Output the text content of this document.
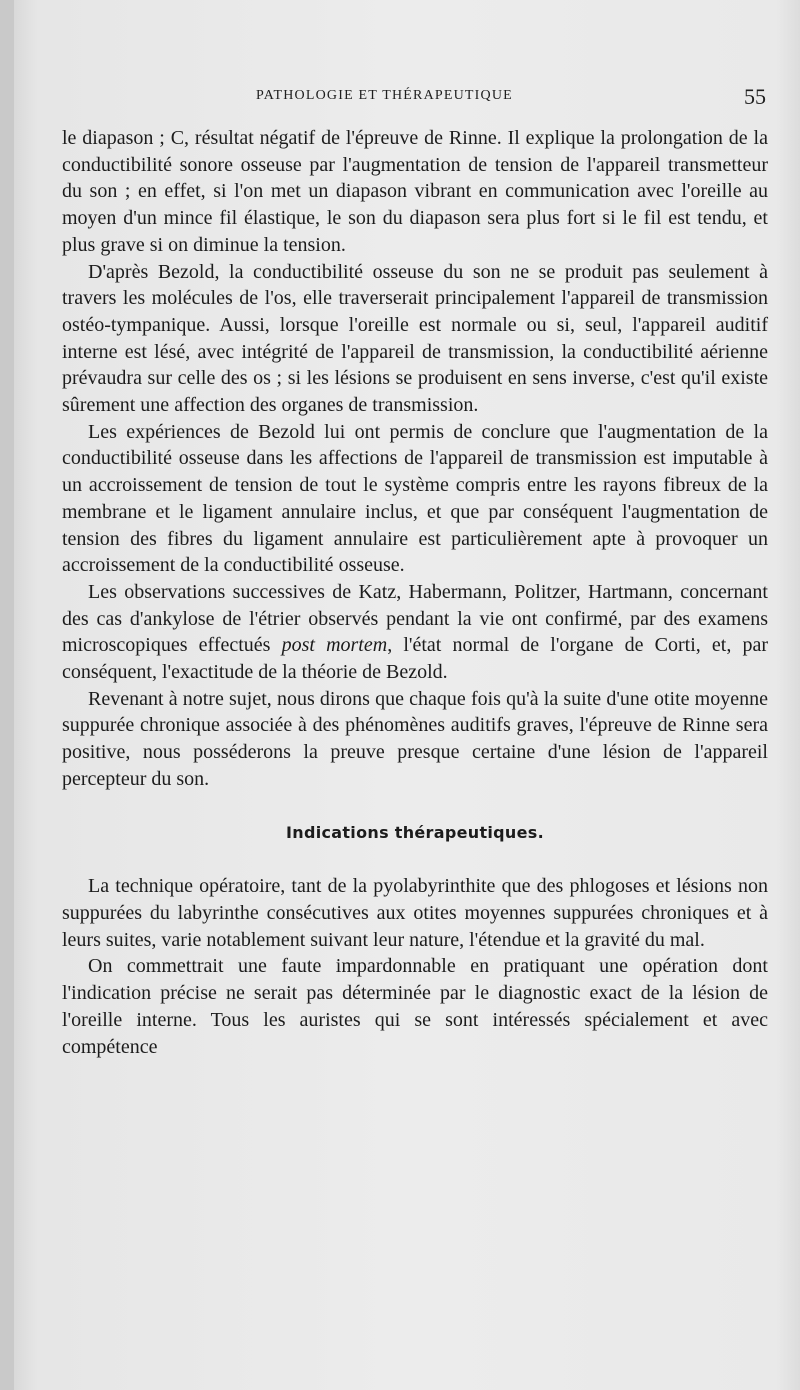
PATHOLOGIE ET THÉRAPEUTIQUE	55

le diapason ; C, résultat négatif de l'épreuve de Rinne. Il explique la prolongation de la conductibilité sonore osseuse par l'augmentation de tension de l'appareil transmetteur du son ; en effet, si l'on met un diapason vibrant en communication avec l'oreille au moyen d'un mince fil élastique, le son du diapason sera plus fort si le fil est tendu, et plus grave si on diminue la tension.

D'après Bezold, la conductibilité osseuse du son ne se produit pas seulement à travers les molécules de l'os, elle traverserait principalement l'appareil de transmission ostéo-tympanique. Aussi, lorsque l'oreille est normale ou si, seul, l'appareil auditif interne est lésé, avec intégrité de l'appareil de transmission, la conductibilité aérienne prévaudra sur celle des os ; si les lésions se produisent en sens inverse, c'est qu'il existe sûrement une affection des organes de transmission.

Les expériences de Bezold lui ont permis de conclure que l'augmentation de la conductibilité osseuse dans les affections de l'appareil de transmission est imputable à un accroissement de tension de tout le système compris entre les rayons fibreux de la membrane et le ligament annulaire inclus, et que par conséquent l'augmentation de tension des fibres du ligament annulaire est particulièrement apte à provoquer un accroissement de la conductibilité osseuse.

Les observations successives de Katz, Habermann, Politzer, Hartmann, concernant des cas d'ankylose de l'étrier observés pendant la vie ont confirmé, par des examens microscopiques effectués post mortem, l'état normal de l'organe de Corti, et, par conséquent, l'exactitude de la théorie de Bezold.

Revenant à notre sujet, nous dirons que chaque fois qu'à la suite d'une otite moyenne suppurée chronique associée à des phénomènes auditifs graves, l'épreuve de Rinne sera positive, nous posséderons la preuve presque certaine d'une lésion de l'appareil percepteur du son.

Indications thérapeutiques.

La technique opératoire, tant de la pyolabyrinthite que des phlogoses et lésions non suppurées du labyrinthe consécutives aux otites moyennes suppurées chroniques et à leurs suites, varie notablement suivant leur nature, l'étendue et la gravité du mal.

On commettrait une faute impardonnable en pratiquant une opération dont l'indication précise ne serait pas déterminée par le diagnostic exact de la lésion de l'oreille interne. Tous les auristes qui se sont intéressés spécialement et avec compétence
